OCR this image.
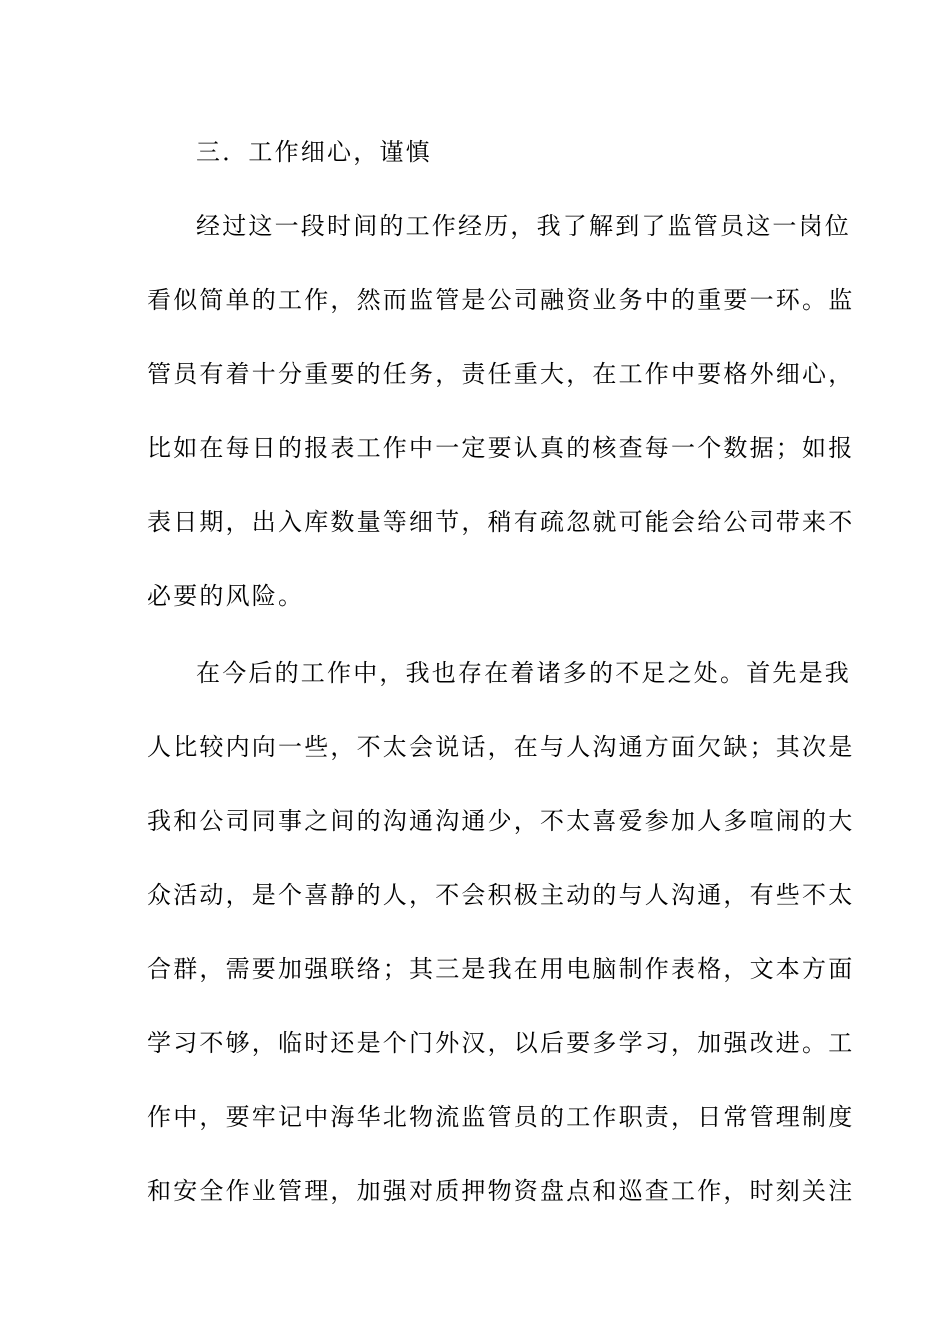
三．工作细心，谨慎
经过这一段时间的工作经历，我了解到了监管员这一岗位
看似简单的工作，然而监管是公司融资业务中的重要一环。监
管员有着十分重要的任务，责任重大，在工作中要格外细心，
比如在每日的报表工作中一定要认真的核查每一个数据；如报
表日期，出入库数量等细节，稍有疏忽就可能会给公司带来不
必要的风险。
在今后的工作中，我也存在着诸多的不足之处。首先是我
人比较内向一些，不太会说话，在与人沟通方面欠缺；其次是
我和公司同事之间的沟通沟通少，不太喜爱参加人多喧闹的大
众活动，是个喜静的人，不会积极主动的与人沟通，有些不太
合群，需要加强联络；其三是我在用电脑制作表格，文本方面
学习不够，临时还是个门外汉，以后要多学习，加强改进。工
作中，要牢记中海华北物流监管员的工作职责，日常管理制度
和安全作业管理，加强对质押物资盘点和巡查工作，时刻关注
